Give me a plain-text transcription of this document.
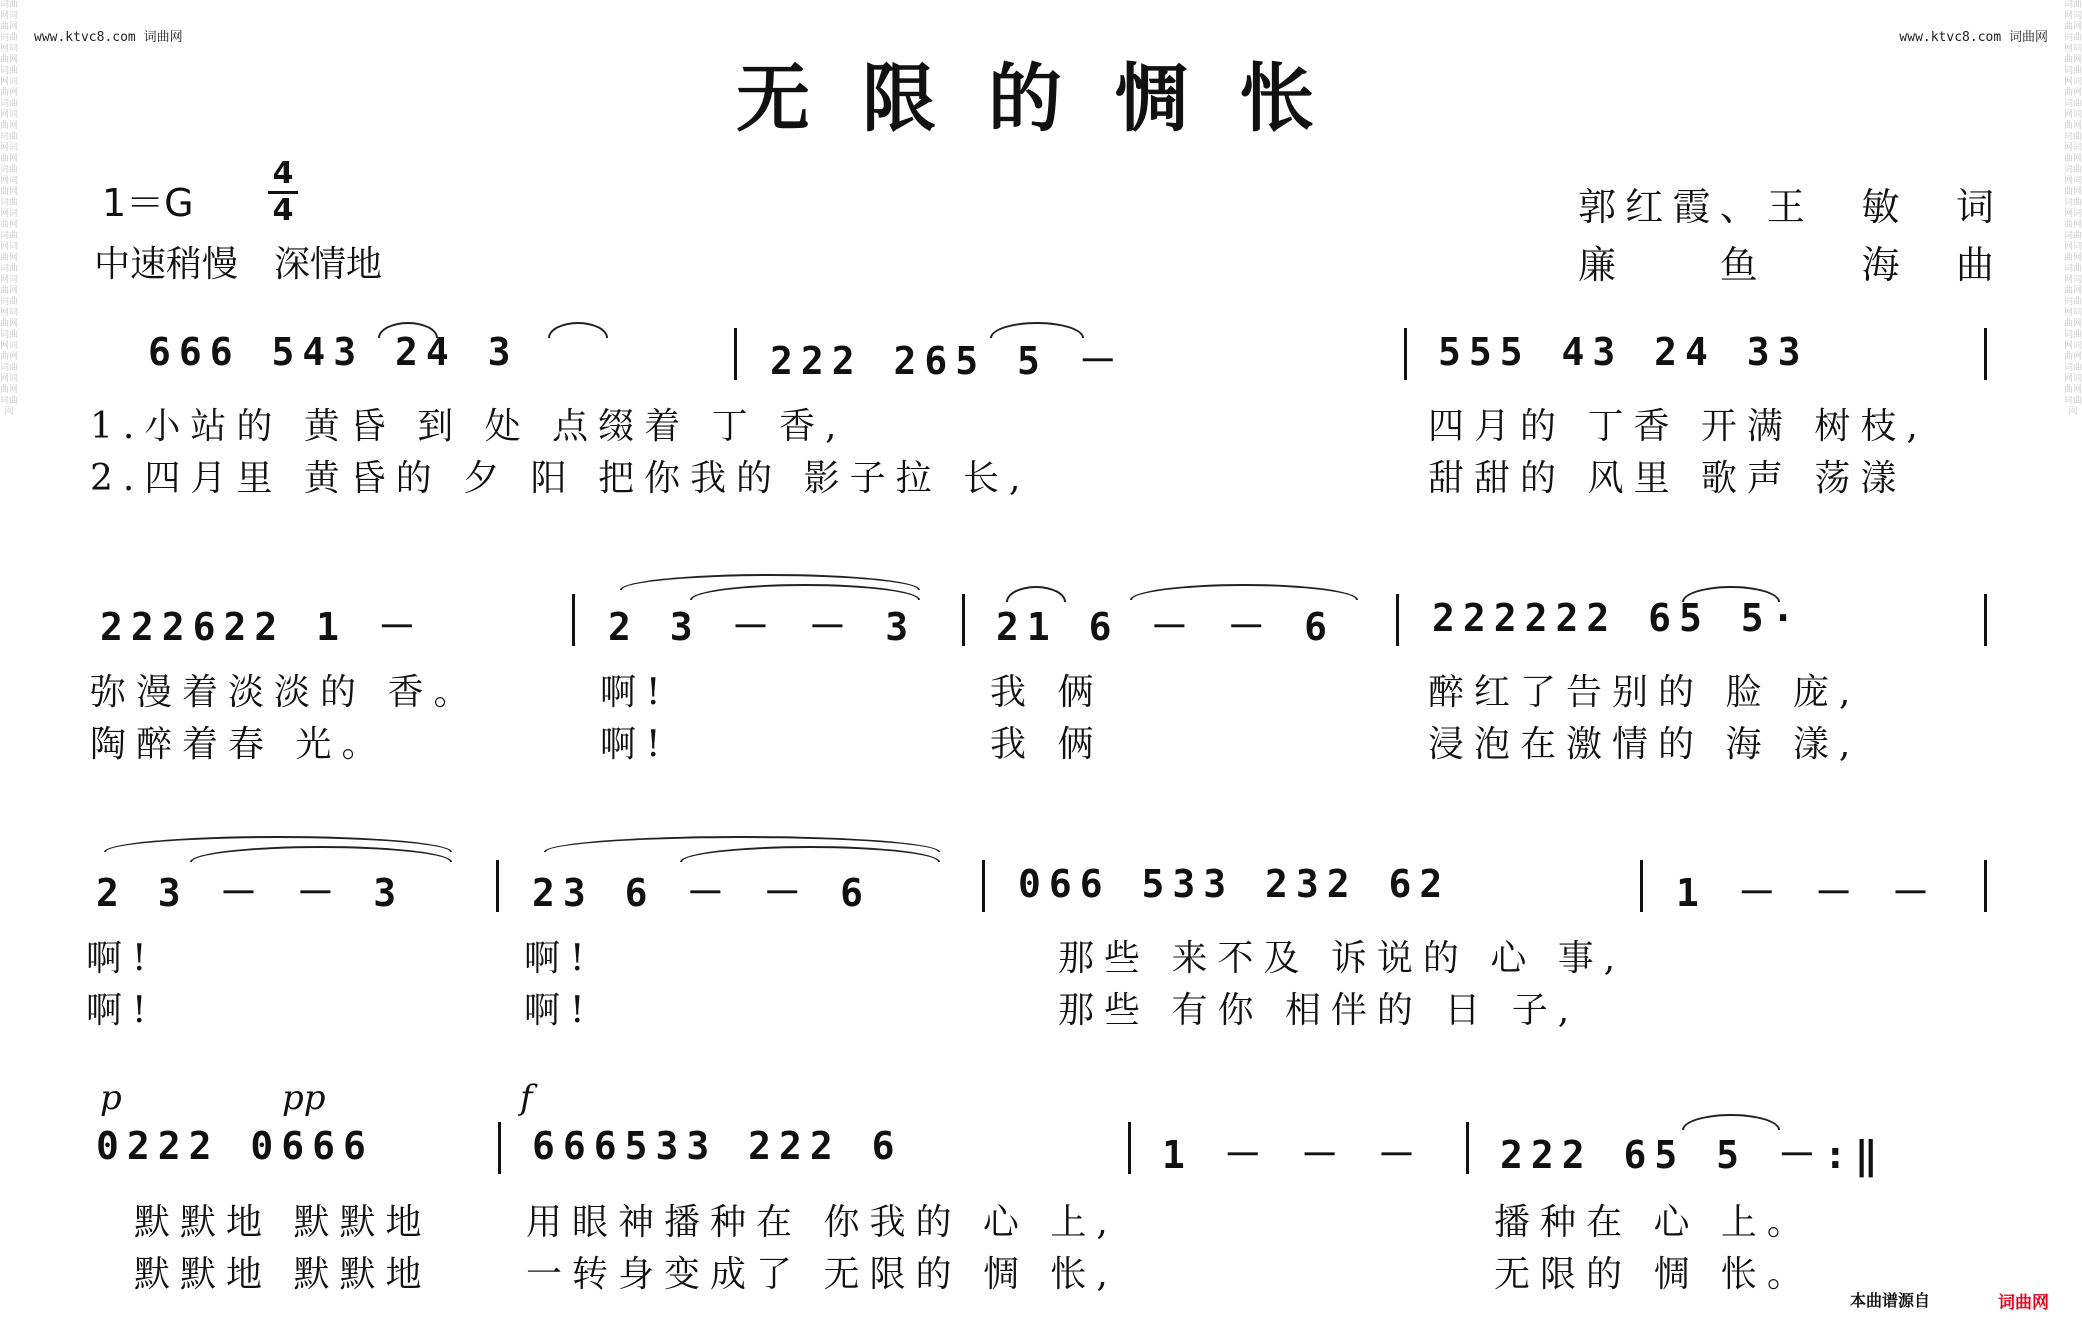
词曲网词曲网词曲网词曲网词曲网词曲网词曲网词曲网词曲网词曲网词曲网词曲网词曲网词曲网词曲网词曲网词曲网词曲网词曲网词曲网词曲网词曲网词曲网词曲网词曲网
词曲网词曲网词曲网词曲网词曲网词曲网词曲网词曲网词曲网词曲网词曲网词曲网词曲网词曲网词曲网词曲网词曲网词曲网词曲网词曲网词曲网词曲网词曲网词曲网词曲网
www.ktvc8.com 词曲网	www.ktvc8.com 词曲网
无限的惆怅
1＝G
4
4
中速稍慢　深情地
郭红霞、王　敏　词
廉　　鱼　　海　曲
666 543 24 3	222 265 5 －	555 43 24 33
1.小站的 黄昏 到 处 点缀着 丁 香,	四月的 丁香 开满 树枝,
2.四月里 黄昏的 夕 阳 把你我的 影子拉 长,	甜甜的 风里 歌声 荡漾
222622 1 －	2 3 － － 3 21 6 － － 6	222222 65 5·
弥漫着淡淡的 香。	啊!	我 俩	醉红了告别的 脸 庞,
陶醉着春 光。	啊!	我 俩	浸泡在激情的 海 漾,
2 3 － － 3	23 6 － － 6	066 533 232 62	1 － － －
啊!	啊!	那些 来不及 诉说的 心 事,
啊!	啊!	那些 有你 相伴的 日 子,
p	pp	f
0222 0666	666533 222 6	1 － － － 222 65 5 －:‖
默默地 默默地	用眼神播种在 你我的 心 上,	播种在 心 上。
默默地 默默地	一转身变成了 无限的 惆 怅,	无限的 惆 怅。
本曲谱源自	词曲网
